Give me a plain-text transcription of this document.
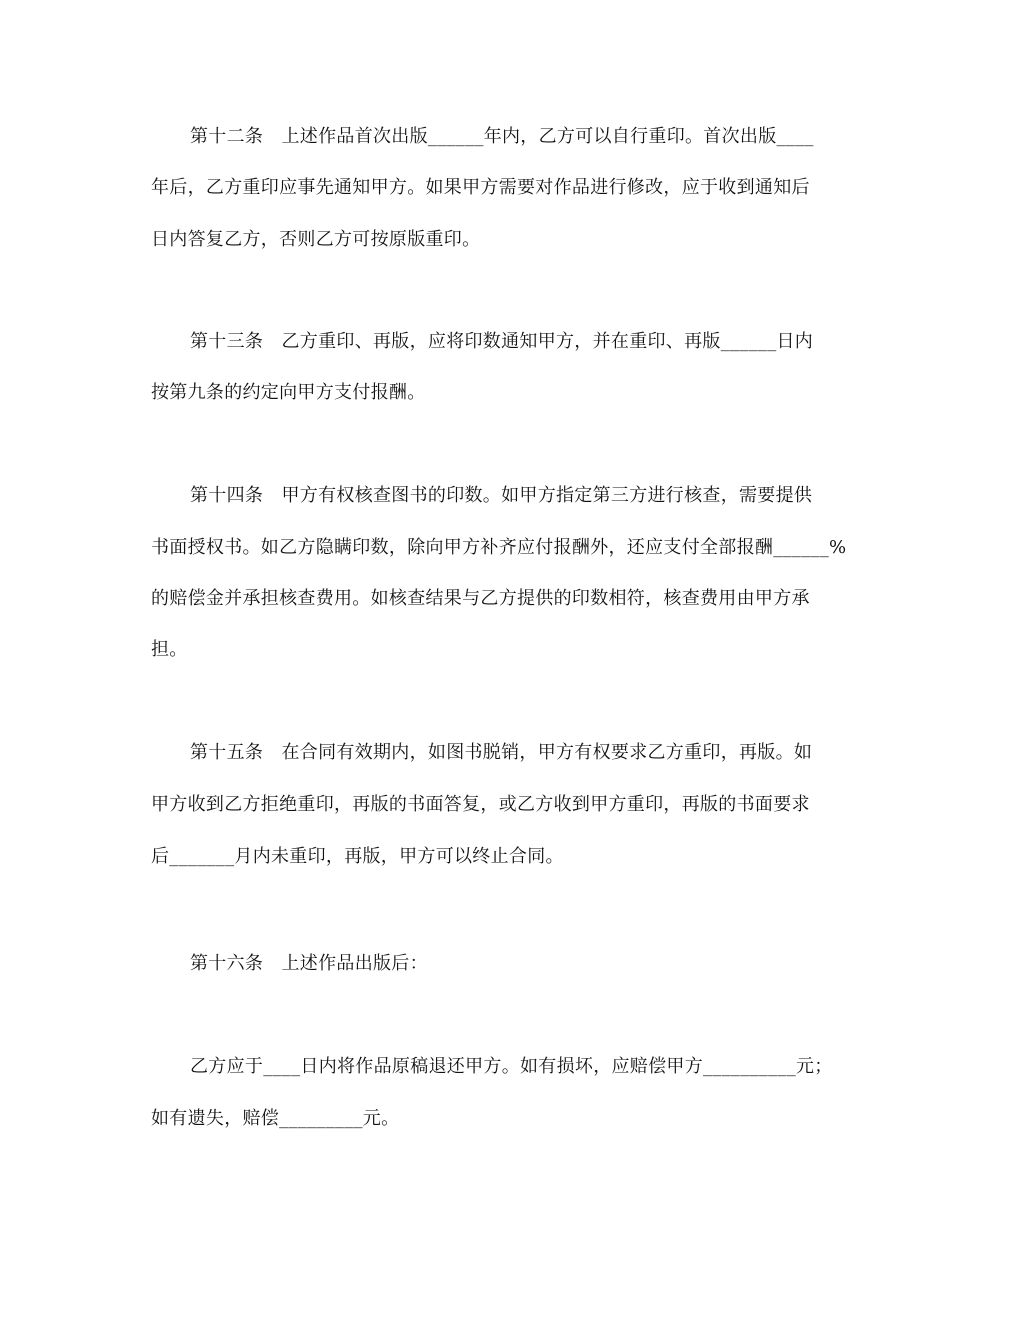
第十二条　上述作品首次出版______年内，乙方可以自行重印。首次出版____
年后，乙方重印应事先通知甲方。如果甲方需要对作品进行修改，应于收到通知后
日内答复乙方，否则乙方可按原版重印。
第十三条　乙方重印、再版，应将印数通知甲方，并在重印、再版______日内
按第九条的约定向甲方支付报酬。
第十四条　甲方有权核查图书的印数。如甲方指定第三方进行核查，需要提供
书面授权书。如乙方隐瞒印数，除向甲方补齐应付报酬外，还应支付全部报酬______%
的赔偿金并承担核查费用。如核查结果与乙方提供的印数相符，核查费用由甲方承
担。
第十五条　在合同有效期内，如图书脱销，甲方有权要求乙方重印，再版。如
甲方收到乙方拒绝重印，再版的书面答复，或乙方收到甲方重印，再版的书面要求
后_______月内未重印，再版，甲方可以终止合同。
第十六条　上述作品出版后：
乙方应于____日内将作品原稿退还甲方。如有损坏，应赔偿甲方__________元；
如有遗失，赔偿_________元。
